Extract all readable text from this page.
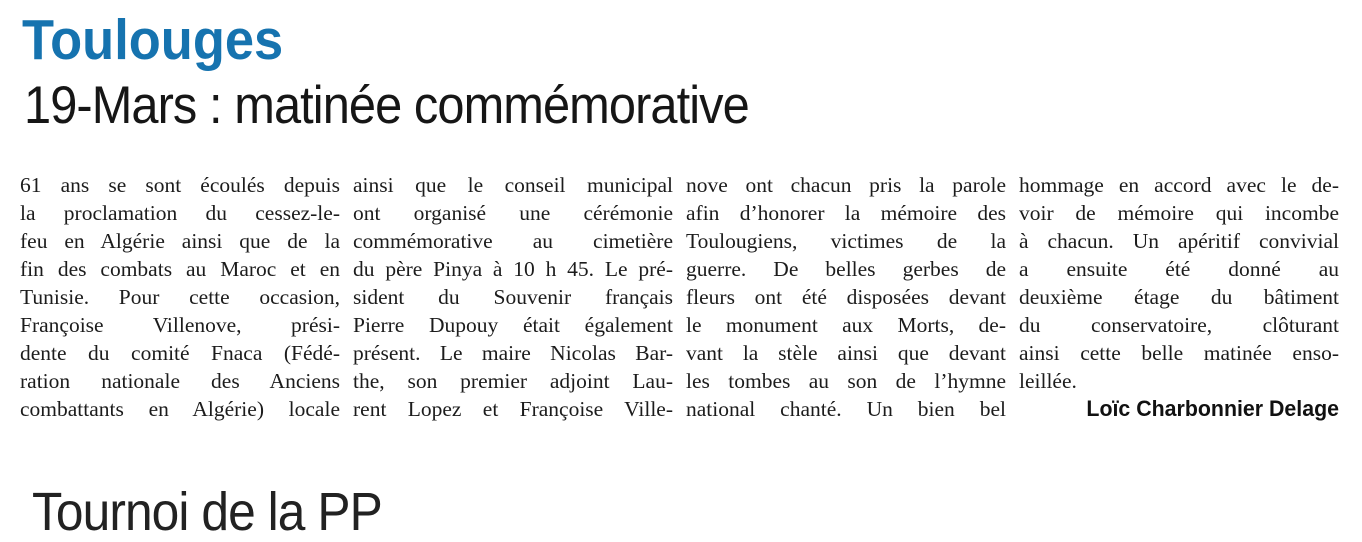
Toulouges
19-Mars : matinée commémorative
61 ans se sont écoulés depuis
la proclamation du cessez-le-
feu en Algérie ainsi que de la
fin des combats au Maroc et en
Tunisie. Pour cette occasion,
Françoise Villenove, prési-
dente du comité Fnaca (Fédé-
ration nationale des Anciens
combattants en Algérie) locale
ainsi que le conseil municipal
ont organisé une cérémonie
commémorative au cimetière
du père Pinya à 10 h 45. Le pré-
sident du Souvenir français
Pierre Dupouy était également
présent. Le maire Nicolas Bar-
the, son premier adjoint Lau-
rent Lopez et Françoise Ville-
nove ont chacun pris la parole
afin d’honorer la mémoire des
Toulougiens, victimes de la
guerre. De belles gerbes de
fleurs ont été disposées devant
le monument aux Morts, de-
vant la stèle ainsi que devant
les tombes au son de l’hymne
national chanté. Un bien bel
hommage en accord avec le de-
voir de mémoire qui incombe
à chacun. Un apéritif convivial
a ensuite été donné au
deuxième étage du bâtiment
du conservatoire, clôturant
ainsi cette belle matinée enso-
leillée.
Loïc Charbonnier Delage
Tournoi de la PP
